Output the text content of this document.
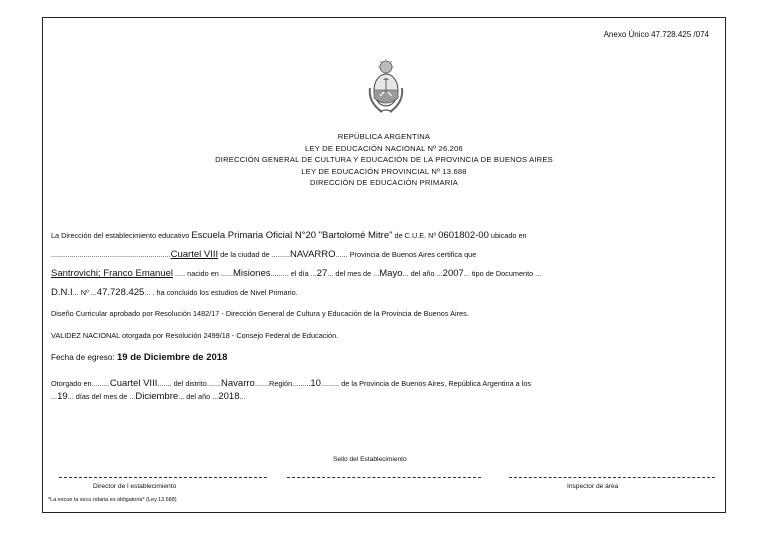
Anexo Único 47.728.425 /074
REPÚBLICA ARGENTINA
LEY DE EDUCACIÓN NACIONAL Nº 26.206
DIRECCIÓN GENERAL DE CULTURA Y EDUCACIÓN DE LA PROVINCIA DE BUENOS AIRES
LEY DE EDUCACIÓN PROVINCIAL Nº 13.688
DIRECCIÓN DE EDUCACIÓN PRIMARIA
La Dirección del establecimiento educativo Escuela Primaria Oficial N°20 "Bartolomé Mitre" de C.U.E. Nº 0601802-00 ubicado en
...........................................................Cuartel VIII de la ciudad de .........NAVARRO...... Provincia de Buenos Aires certifica que
Santrovichi; Franco Emanuel ..... nacido en ......Misiones......... el día ...27... del mes de ...Mayo... del año ...2007... tipo de Documento ...
D.N.I... Nº ...47.728.425... . ha concluido los estudios de Nivel Primario.
Diseño Curricular aprobado por Resolución 1482/17 - Dirección General de Cultura y Educación de la Provincia de Buenos Aires.
VALIDEZ NACIONAL otorgada por Resolución 2499/18 - Consejo Federal de Educación.
Fecha de egreso: 19 de Diciembre de 2018
Otorgado en.........Cuartel VIII....... del distrito.......Navarro.......Región.........10......... de la Provincia de Buenos Aires, República Argentina a los
...19... días del mes de ...Diciembre... del año ...2018...
Sello del Establecimiento
Director de l establecimiento	Inspector de área
*La escue la secu ndaria es obligatoria* (Ley.13.688)
